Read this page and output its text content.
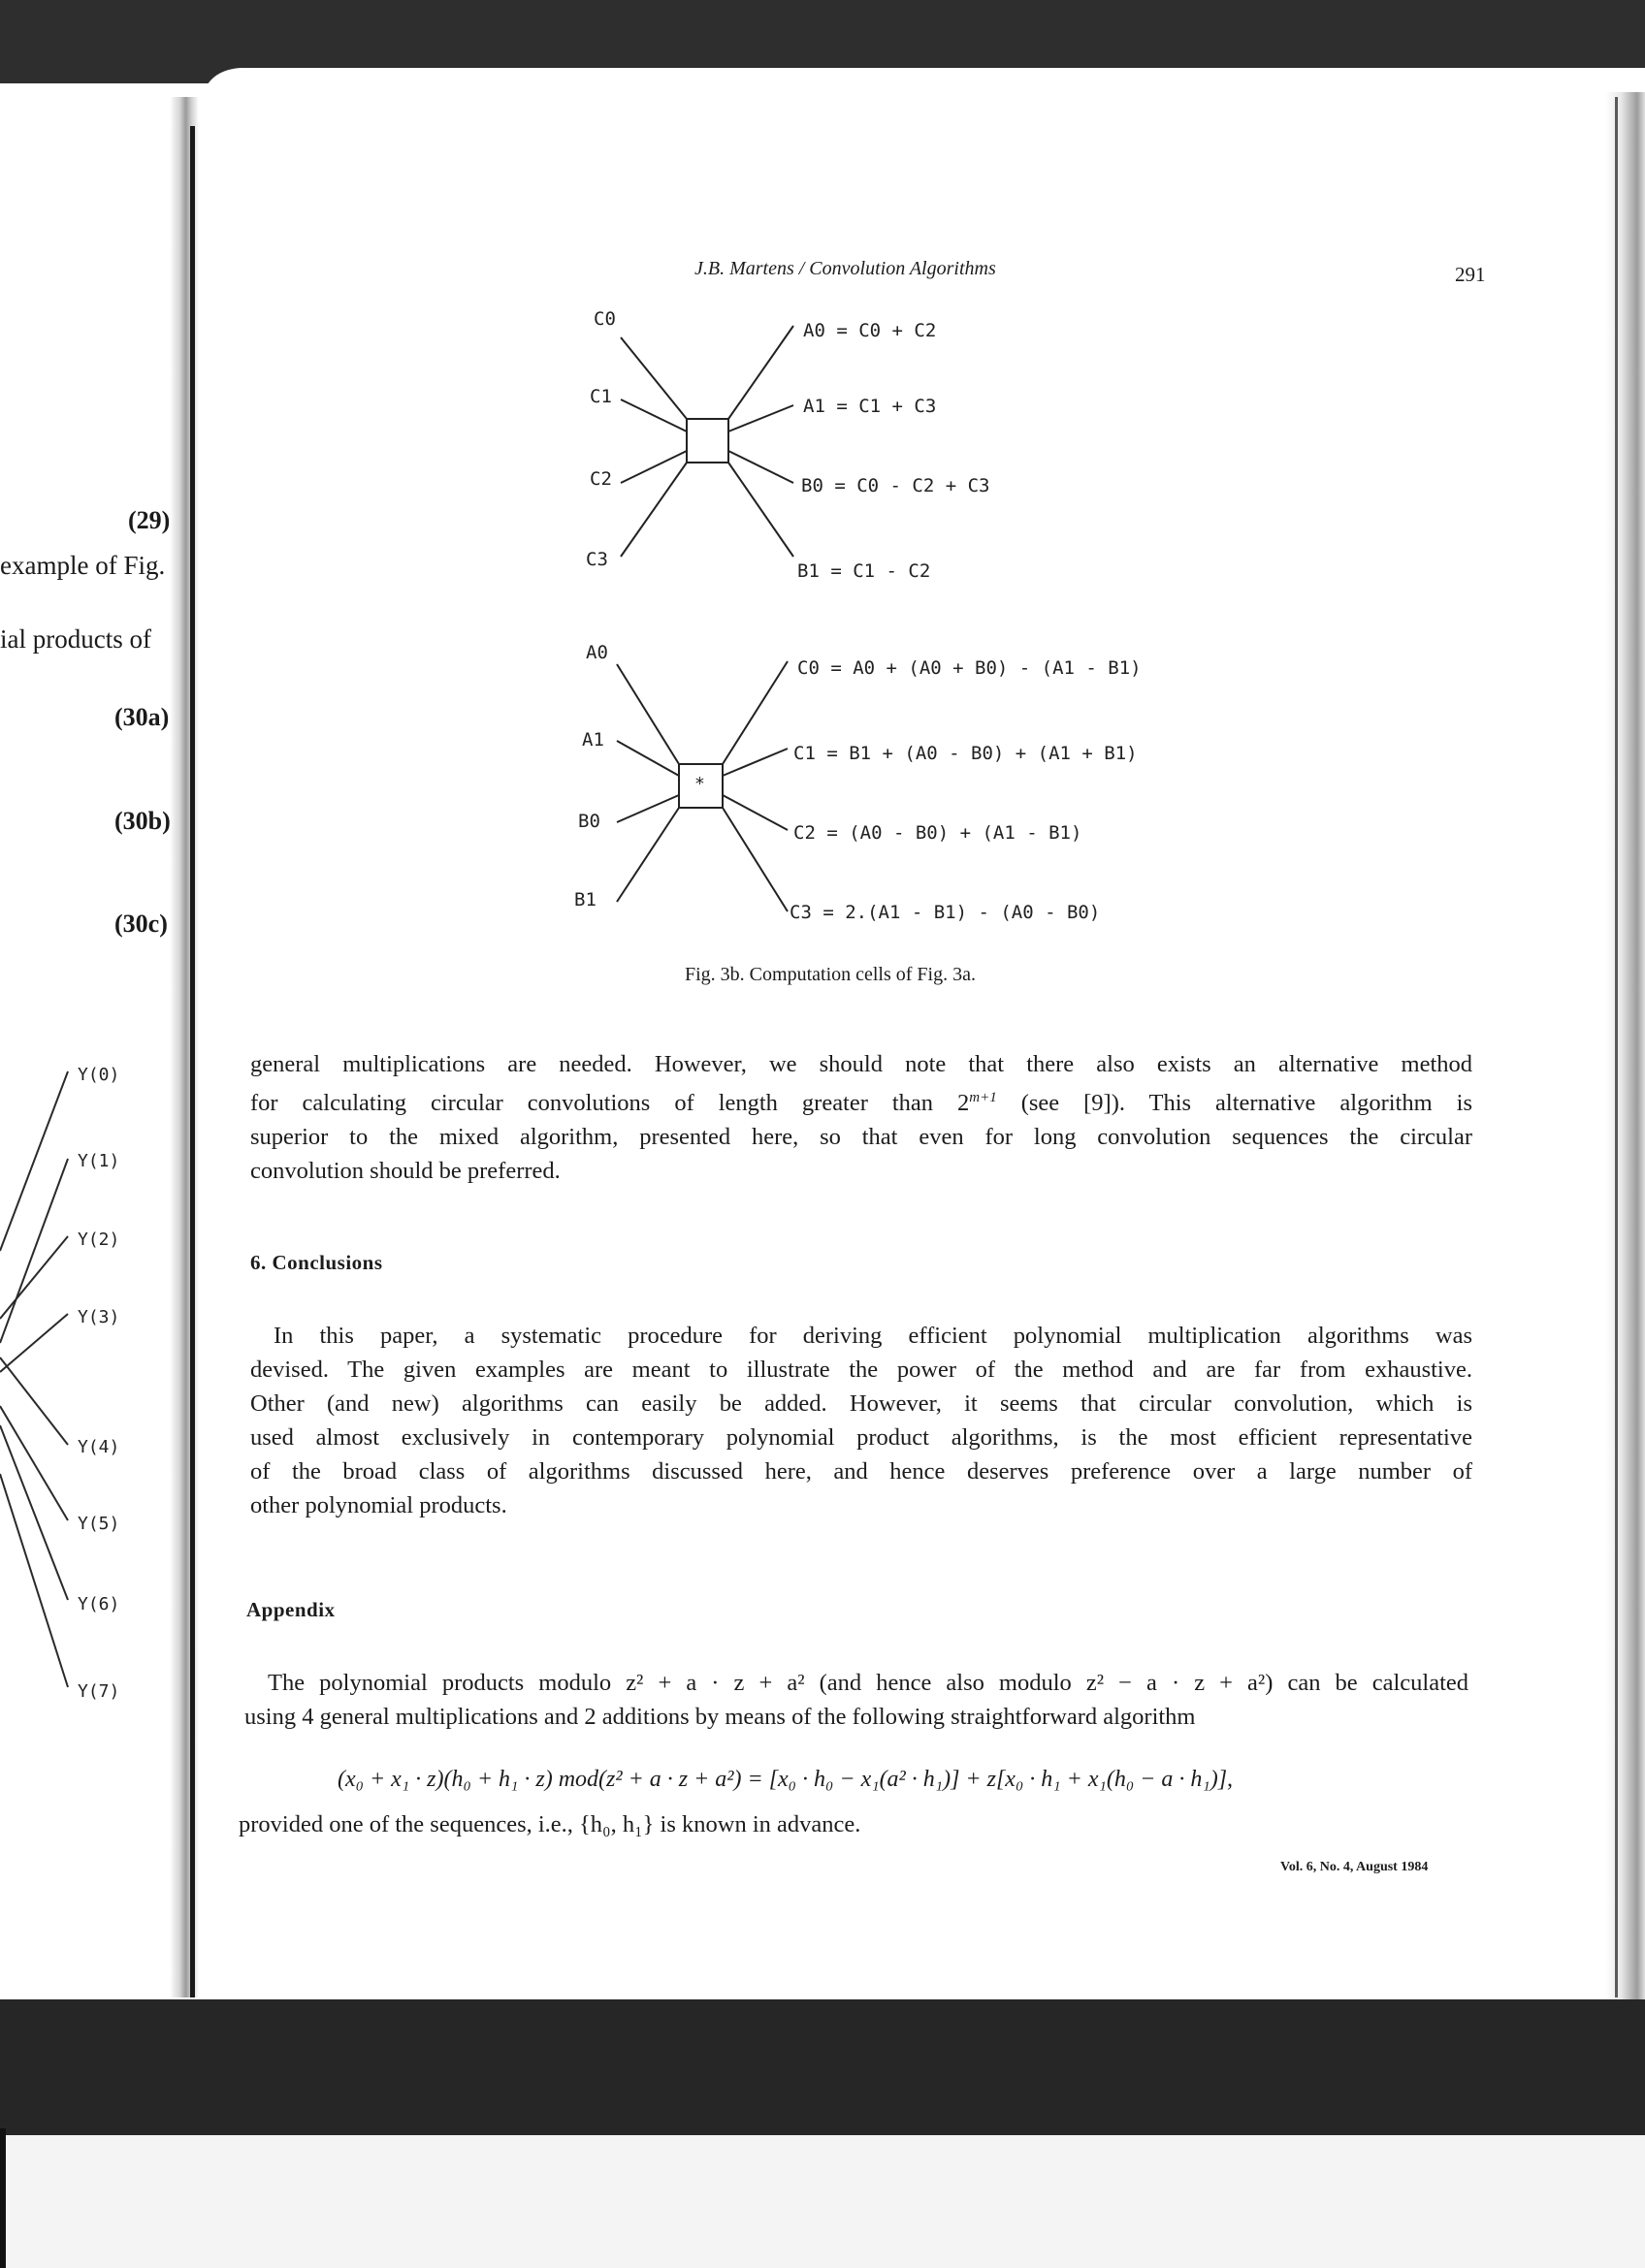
(29)
example of Fig.
ial products of
(30a)
(30b)
(30c)
Y(0)
Y(1)
Y(2)
Y(3)
Y(4)
Y(5)
Y(6)
Y(7)
J.B. Martens / Convolution Algorithms	291
C0
C1
C2
C3
A0 = C0 + C2
A1 = C1 + C3
B0 = C0 - C2 + C3
B1 = C1 - C2
A0
A1
B0
B1
*
C0 = A0 + (A0 + B0) - (A1 - B1)
C1 = B1 + (A0 - B0) + (A1 + B1)
C2 = (A0 - B0) + (A1 - B1)
C3 = 2.(A1 - B1) - (A0 - B0)
Fig. 3b. Computation cells of Fig. 3a.

general multiplications are needed. However, we should note that there also exists an alternative method

for calculating circular convolutions of length greater than $2^{m+1}$ (see [9]). This alternative algorithm is

superior to the mixed algorithm, presented here, so that even for long convolution sequences the circular

convolution should be preferred.

6. Conclusions

In this paper, a systematic procedure for deriving efficient polynomial multiplication algorithms was

devised. The given examples are meant to illustrate the power of the method and are far from exhaustive.

Other (and new) algorithms can easily be added. However, it seems that circular convolution, which is

used almost exclusively in contemporary polynomial product algorithms, is the most efficient representative

of the broad class of algorithms discussed here, and hence deserves preference over a large number of

other polynomial products.

Appendix

The polynomial products modulo z² + a · z + a² (and hence also modulo z² − a · z + a²) can be calculated

using 4 general multiplications and 2 additions by means of the following straightforward algorithm

(x₀ + x₁ · z)(h₀ + h₁ · z) mod(z² + a · z + a²) = [x₀ · h₀ − x₁(a² · h₁)] + z[x₀ · h₁ + x₁(h₀ − a · h₁)],
provided one of the sequences, i.e., {h₀, h₁} is known in advance.
Vol. 6, No. 4, August 1984
